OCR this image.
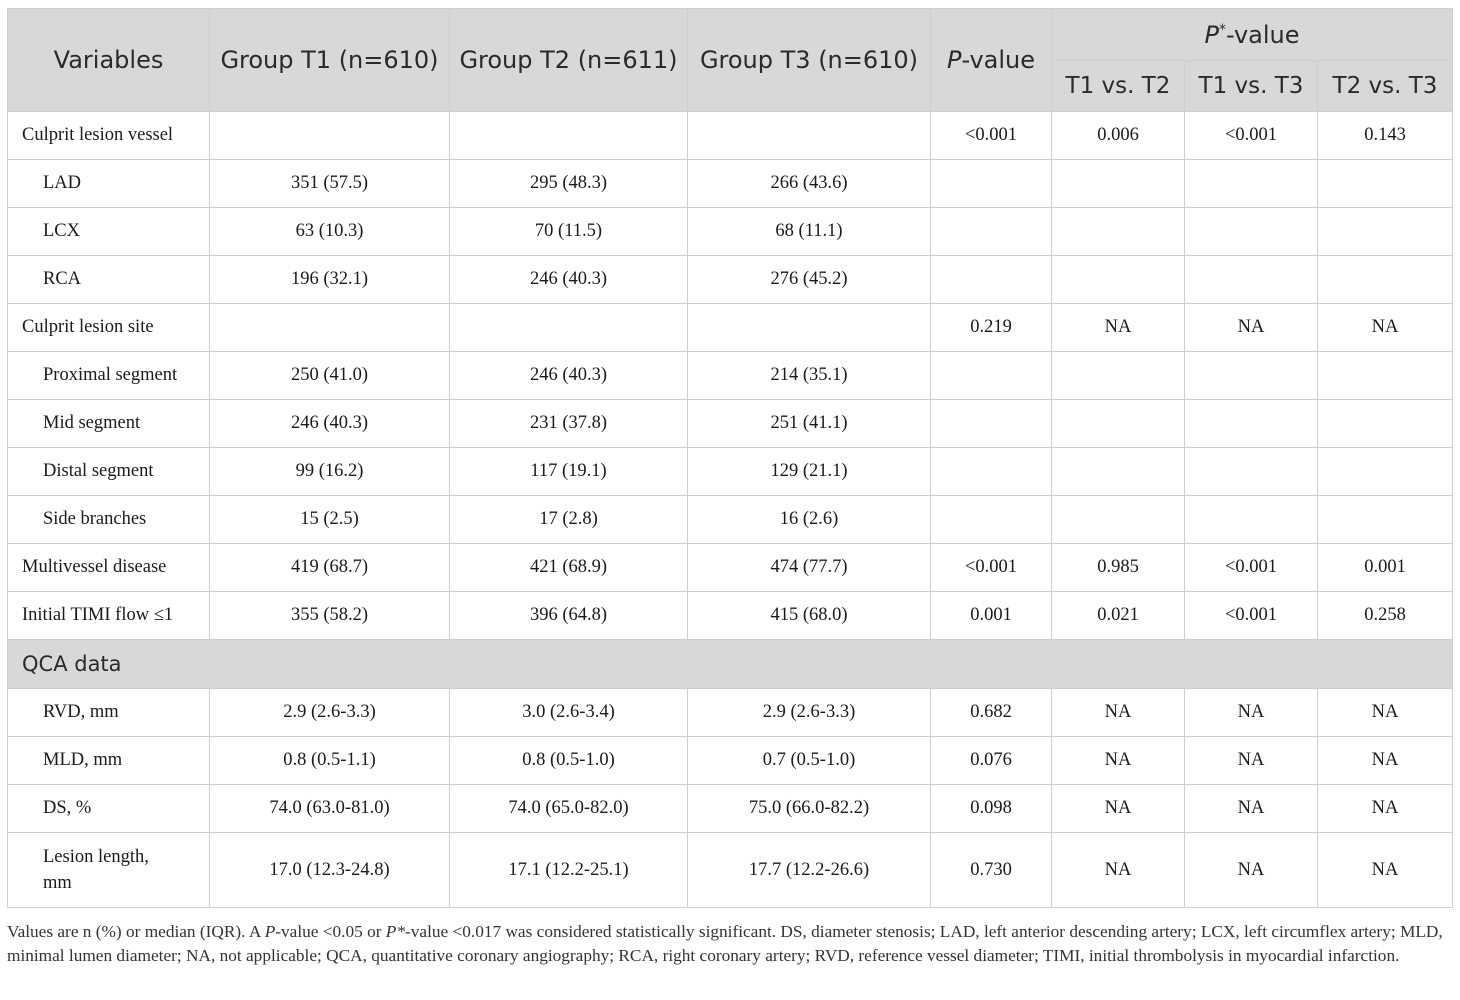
Variables	Group T1 (n=610)	Group T2 (n=611)	Group T3 (n=610)	P-value	P*-value		
					T1 vs. T2	T1 vs. T3	T2 vs. T3
Culprit lesion vessel				<0.001	0.006	<0.001	0.143
LAD	351 (57.5)	295 (48.3)	266 (43.6)				
LCX	63 (10.3)	70 (11.5)	68 (11.1)				
RCA	196 (32.1)	246 (40.3)	276 (45.2)				
Culprit lesion site				0.219	NA	NA	NA
Proximal segment	250 (41.0)	246 (40.3)	214 (35.1)				
Mid segment	246 (40.3)	231 (37.8)	251 (41.1)				
Distal segment	99 (16.2)	117 (19.1)	129 (21.1)				
Side branches	15 (2.5)	17 (2.8)	16 (2.6)				
Multivessel disease	419 (68.7)	421 (68.9)	474 (77.7)	<0.001	0.985	<0.001	0.001
Initial TIMI flow ≤1	355 (58.2)	396 (64.8)	415 (68.0)	0.001	0.021	<0.001	0.258
QCA data							
RVD, mm	2.9 (2.6-3.3)	3.0 (2.6-3.4)	2.9 (2.6-3.3)	0.682	NA	NA	NA
MLD, mm	0.8 (0.5-1.1)	0.8 (0.5-1.0)	0.7 (0.5-1.0)	0.076	NA	NA	NA
DS, %	74.0 (63.0-81.0)	74.0 (65.0-82.0)	75.0 (66.0-82.2)	0.098	NA	NA	NA
Lesion length, mm	17.0 (12.3-24.8)	17.1 (12.2-25.1)	17.7 (12.2-26.6)	0.730	NA	NA	NA
Values are n (%) or median (IQR). A P-value <0.05 or P*-value <0.017 was considered statistically significant. DS, diameter stenosis; LAD, left anterior descending artery; LCX, left circumflex artery; MLD, minimal lumen diameter; NA, not applicable; QCA, quantitative coronary angiography; RCA, right coronary artery; RVD, reference vessel diameter; TIMI, initial thrombolysis in myocardial infarction.
